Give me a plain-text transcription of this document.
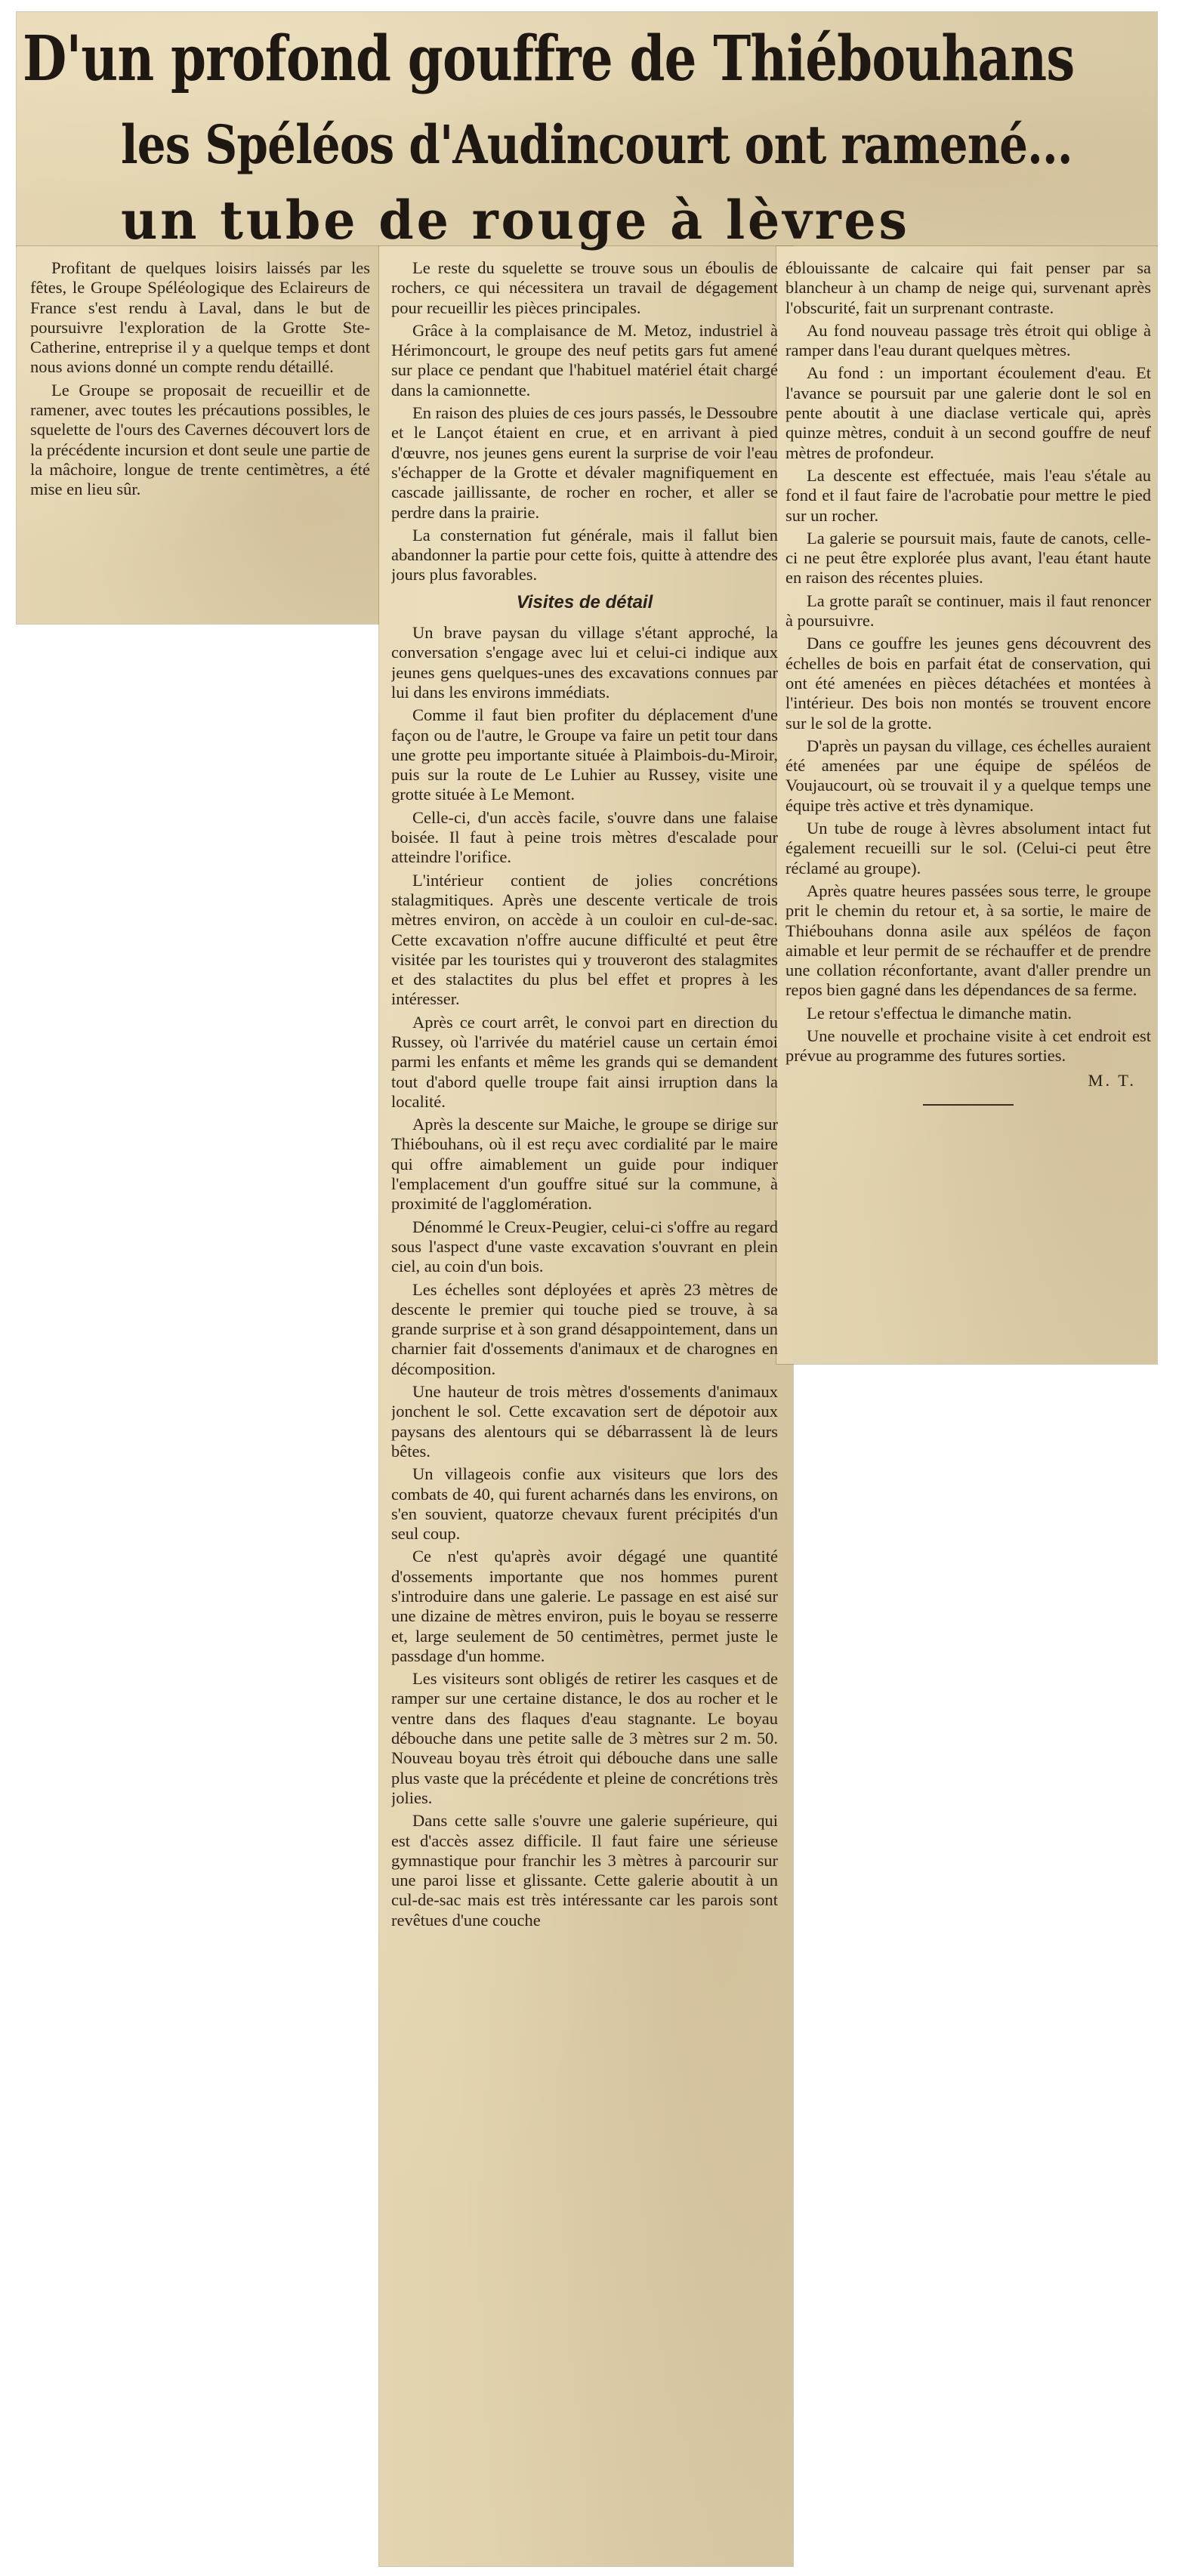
D'un profond gouffre de Thiébouhans
les Spéléos d'Audincourt ont ramené...
un tube de rouge à lèvres

Profitant de quelques loisirs laissés par les fêtes, le Groupe Spéléologique des Eclaireurs de France s'est rendu à Laval, dans le but de poursuivre l'exploration de la Grotte Ste-Catherine, entreprise il y a quelque temps et dont nous avions donné un compte rendu détaillé.

Le Groupe se proposait de recueillir et de ramener, avec toutes les précautions possibles, le squelette de l'ours des Cavernes découvert lors de la précédente incursion et dont seule une partie de la mâchoire, longue de trente centimètres, a été mise en lieu sûr.

Le reste du squelette se trouve sous un éboulis de rochers, ce qui nécessitera un travail de dégagement pour recueillir les pièces principales.

Grâce à la complaisance de M. Metoz, industriel à Hérimoncourt, le groupe des neuf petits gars fut amené sur place ce pendant que l'habituel matériel était chargé dans la camionnette.

En raison des pluies de ces jours passés, le Dessoubre et le Lançot étaient en crue, et en arrivant à pied d'œuvre, nos jeunes gens eurent la surprise de voir l'eau s'échapper de la Grotte et dévaler magnifiquement en cascade jaillissante, de rocher en rocher, et aller se perdre dans la prairie.

La consternation fut générale, mais il fallut bien abandonner la partie pour cette fois, quitte à attendre des jours plus favorables.

Visites de détail

Un brave paysan du village s'étant approché, la conversation s'engage avec lui et celui-ci indique aux jeunes gens quelques-unes des excavations connues par lui dans les environs immédiats.

Comme il faut bien profiter du déplacement d'une façon ou de l'autre, le Groupe va faire un petit tour dans une grotte peu importante située à Plaimbois-du-Miroir, puis sur la route de Le Luhier au Russey, visite une grotte située à Le Memont.

Celle-ci, d'un accès facile, s'ouvre dans une falaise boisée. Il faut à peine trois mètres d'escalade pour atteindre l'orifice.

L'intérieur contient de jolies concrétions stalagmitiques. Après une descente verticale de trois mètres environ, on accède à un couloir en cul-de-sac. Cette excavation n'offre aucune difficulté et peut être visitée par les touristes qui y trouveront des stalagmites et des stalactites du plus bel effet et propres à les intéresser.

Après ce court arrêt, le convoi part en direction du Russey, où l'arrivée du matériel cause un certain émoi parmi les enfants et même les grands qui se demandent tout d'abord quelle troupe fait ainsi irruption dans la localité.

Après la descente sur Maiche, le groupe se dirige sur Thiébouhans, où il est reçu avec cordialité par le maire qui offre aimablement un guide pour indiquer l'emplacement d'un gouffre situé sur la commune, à proximité de l'agglomération.

Dénommé le Creux-Peugier, celui-ci s'offre au regard sous l'aspect d'une vaste excavation s'ouvrant en plein ciel, au coin d'un bois.

Les échelles sont déployées et après 23 mètres de descente le premier qui touche pied se trouve, à sa grande surprise et à son grand désappointement, dans un charnier fait d'ossements d'animaux et de charognes en décomposition.

Une hauteur de trois mètres d'ossements d'animaux jonchent le sol. Cette excavation sert de dépotoir aux paysans des alentours qui se débarrassent là de leurs bêtes.

Un villageois confie aux visiteurs que lors des combats de 40, qui furent acharnés dans les environs, on s'en souvient, quatorze chevaux furent précipités d'un seul coup.

Ce n'est qu'après avoir dégagé une quantité d'ossements importante que nos hommes purent s'introduire dans une galerie. Le passage en est aisé sur une dizaine de mètres environ, puis le boyau se resserre et, large seulement de 50 centimètres, permet juste le passdage d'un homme.

Les visiteurs sont obligés de retirer les casques et de ramper sur une certaine distance, le dos au rocher et le ventre dans des flaques d'eau stagnante. Le boyau débouche dans une petite salle de 3 mètres sur 2 m. 50. Nouveau boyau très étroit qui débouche dans une salle plus vaste que la précédente et pleine de concrétions très jolies.

Dans cette salle s'ouvre une galerie supérieure, qui est d'accès assez difficile. Il faut faire une sérieuse gymnastique pour franchir les 3 mètres à parcourir sur une paroi lisse et glissante. Cette galerie aboutit à un cul-de-sac mais est très intéressante car les parois sont revêtues d'une couche

éblouissante de calcaire qui fait penser par sa blancheur à un champ de neige qui, survenant après l'obscurité, fait un surprenant contraste.

Au fond nouveau passage très étroit qui oblige à ramper dans l'eau durant quelques mètres.

Au fond : un important écoulement d'eau. Et l'avance se poursuit par une galerie dont le sol en pente aboutit à une diaclase verticale qui, après quinze mètres, conduit à un second gouffre de neuf mètres de profondeur.

La descente est effectuée, mais l'eau s'étale au fond et il faut faire de l'acrobatie pour mettre le pied sur un rocher.

La galerie se poursuit mais, faute de canots, celle-ci ne peut être explorée plus avant, l'eau étant haute en raison des récentes pluies.

La grotte paraît se continuer, mais il faut renoncer à poursuivre.

Dans ce gouffre les jeunes gens découvrent des échelles de bois en parfait état de conservation, qui ont été amenées en pièces détachées et montées à l'intérieur. Des bois non montés se trouvent encore sur le sol de la grotte.

D'après un paysan du village, ces échelles auraient été amenées par une équipe de spéléos de Voujaucourt, où se trouvait il y a quelque temps une équipe très active et très dynamique.

Un tube de rouge à lèvres absolument intact fut également recueilli sur le sol. (Celui-ci peut être réclamé au groupe).

Après quatre heures passées sous terre, le groupe prit le chemin du retour et, à sa sortie, le maire de Thiébouhans donna asile aux spéléos de façon aimable et leur permit de se réchauffer et de prendre une collation réconfortante, avant d'aller prendre un repos bien gagné dans les dépendances de sa ferme.

Le retour s'effectua le dimanche matin.

Une nouvelle et prochaine visite à cet endroit est prévue au programme des futures sorties.

M. T.
